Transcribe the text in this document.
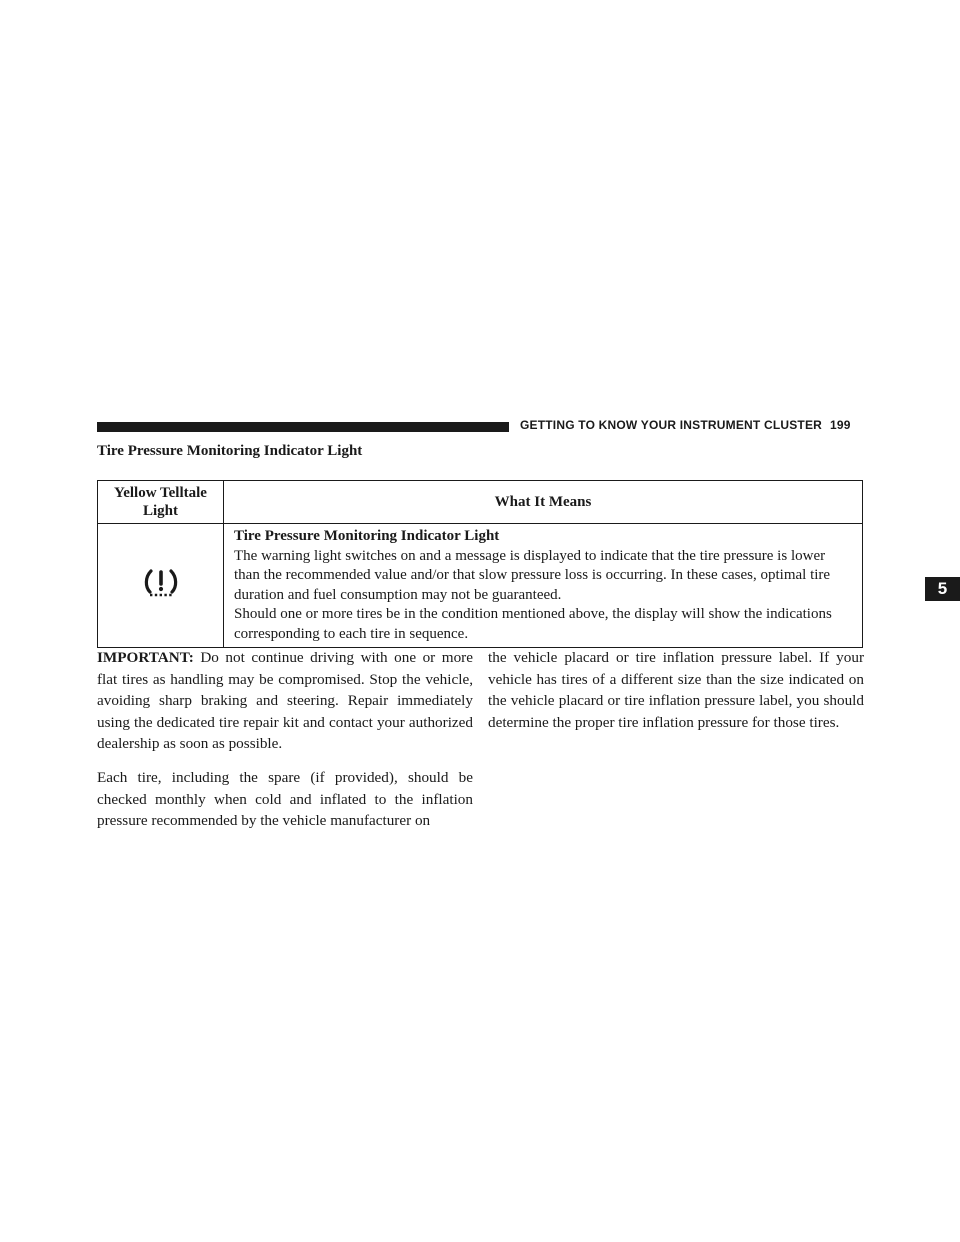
GETTING TO KNOW YOUR INSTRUMENT CLUSTER 199
Tire Pressure Monitoring Indicator Light
Yellow Telltale Light	What It Means

Tire Pressure Monitoring Indicator Light
The warning light switches on and a message is displayed to indicate that the tire pressure is lower than the recommended value and/or that slow pressure loss is occurring. In these cases, optimal tire duration and fuel consumption may not be guaranteed.
Should one or more tires be in the condition mentioned above, the display will show the indications corresponding to each tire in sequence.
5

IMPORTANT: Do not continue driving with one or more flat tires as handling may be compromised. Stop the vehicle, avoiding sharp braking and steering. Repair immediately using the dedicated tire repair kit and contact your authorized dealership as soon as possible.

Each tire, including the spare (if provided), should be checked monthly when cold and inflated to the inflation pressure recommended by the vehicle manufacturer on

the vehicle placard or tire inflation pressure label. If your vehicle has tires of a different size than the size indicated on the vehicle placard or tire inflation pressure label, you should determine the proper tire inflation pressure for those tires.
